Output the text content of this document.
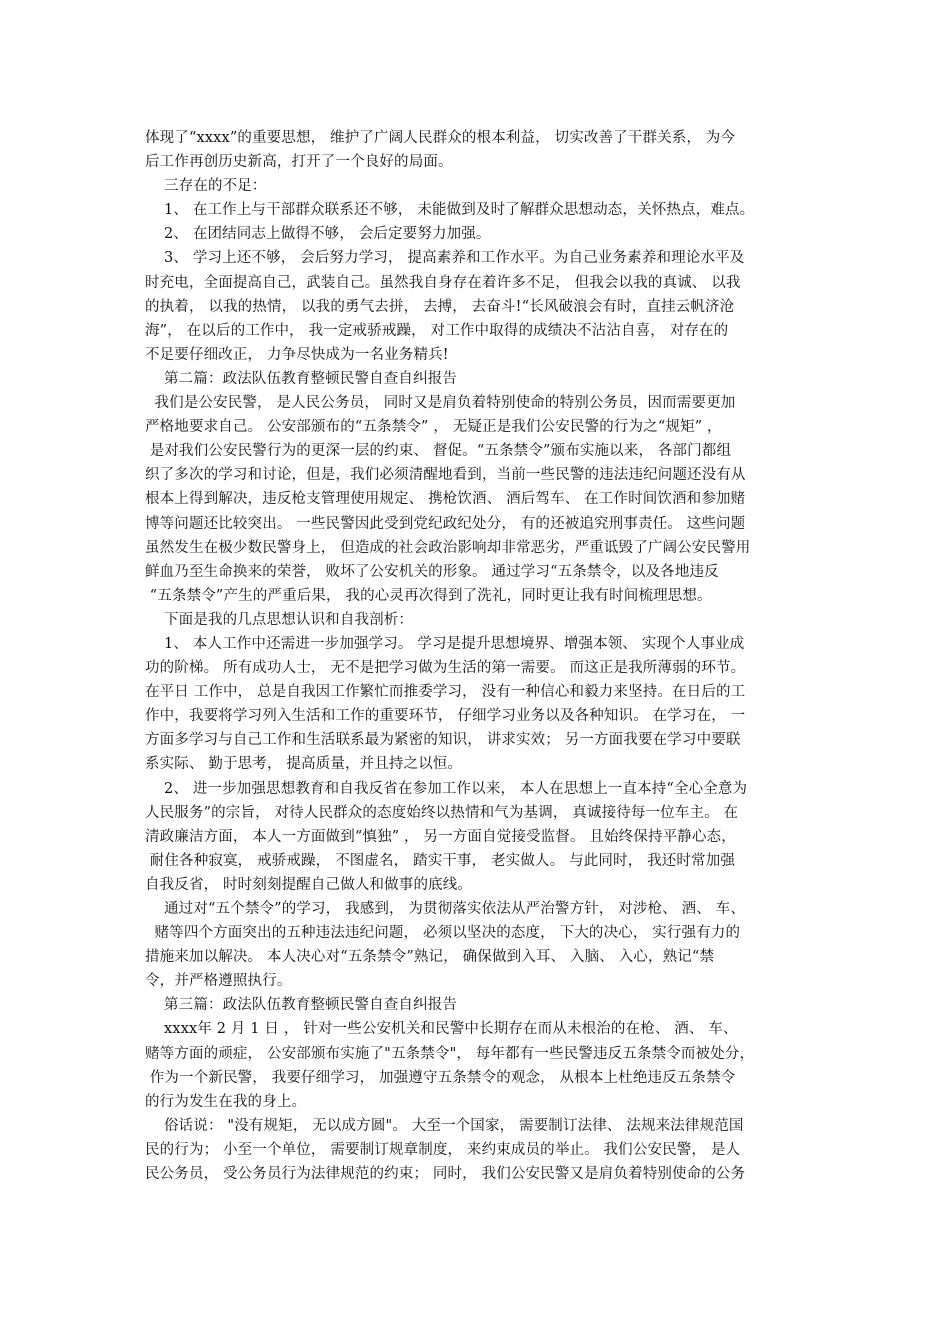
体现了“xxxx”的重要思想， 维护了广阔人民群众的根本利益， 切实改善了干群关系， 为今
后工作再创历史新高，打开了一个良好的局面。
三存在的不足：
1、 在工作上与干部群众联系还不够， 未能做到及时了解群众思想动态，关怀热点，难点。
2、 在团结同志上做得不够， 会后定要努力加强。
3、 学习上还不够， 会后努力学习， 提高素养和工作水平。为自己业务素养和理论水平及
时充电，全面提高自己，武装自己。虽然我自身存在着许多不足， 但我会以我的真诚、 以我
的执着， 以我的热情， 以我的勇气去拼， 去搏， 去奋斗!“长风破浪会有时，直挂云帆济沧
海”， 在以后的工作中， 我一定戒骄戒躁， 对工作中取得的成绩决不沾沾自喜， 对存在的
不足要仔细改正， 力争尽快成为一名业务精兵!
第二篇：政法队伍教育整顿民警自查自纠报告
我们是公安民警， 是人民公务员， 同时又是肩负着特别使命的特别公务员，因而需要更加
严格地要求自己。 公安部颁布的“五条禁令” ， 无疑正是我们公安民警的行为之“规矩” ，
是对我们公安民警行为的更深一层的约束、 督促。“五条禁令”颁布实施以来， 各部门都组
织了多次的学习和讨论，但是，我们必须清醒地看到，当前一些民警的违法违纪问题还没有从
根本上得到解决，违反枪支管理使用规定、 携枪饮酒、 酒后驾车、 在工作时间饮酒和参加赌
博等问题还比较突出。 一些民警因此受到党纪政纪处分， 有的还被追究刑事责任。 这些问题
虽然发生在极少数民警身上， 但造成的社会政治影响却非常恶劣，严重诋毁了广阔公安民警用
鲜血乃至生命换来的荣誉， 败坏了公安机关的形象。 通过学习“五条禁令，以及各地违反
“五条禁令”产生的严重后果， 我的心灵再次得到了洗礼，同时更让我有时间梳理思想。
下面是我的几点思想认识和自我剖析：
1、 本人工作中还需进一步加强学习。 学习是提升思想境界、增强本领、 实现个人事业成
功的阶梯。 所有成功人士， 无不是把学习做为生活的第一需要。 而这正是我所薄弱的环节。
在平日 工作中， 总是自我因工作繁忙而推委学习， 没有一种信心和毅力来坚持。在日后的工
作中，我要将学习列入生活和工作的重要环节， 仔细学习业务以及各种知识。 在学习在， 一
方面多学习与自己工作和生活联系最为紧密的知识， 讲求实效； 另一方面我要在学习中要联
系实际、 勤于思考， 提高质量，并且持之以恒。
2、 进一步加强思想教育和自我反省在参加工作以来， 本人在思想上一直本持“全心全意为
人民服务”的宗旨， 对待人民群众的态度始终以热情和气为基调， 真诚接待每一位车主。 在
清政廉洁方面， 本人一方面做到“慎独” ， 另一方面自觉接受监督。 且始终保持平静心态，
耐住各种寂寞， 戒骄戒躁， 不图虚名， 踏实干事， 老实做人。 与此同时， 我还时常加强
自我反省， 时时刻刻提醒自己做人和做事的底线。
通过对“五个禁令”的学习， 我感到， 为贯彻落实依法从严治警方针， 对涉枪、 酒、 车、
赌等四个方面突出的五种违法违纪问题， 必须以坚决的态度， 下大的决心， 实行强有力的
措施来加以解决。 本人决心对“五条禁令”熟记， 确保做到入耳、 入脑、 入心，熟记“禁
令，并严格遵照执行。
第三篇：政法队伍教育整顿民警自查自纠报告
xxxx年 2 月 1 日 ， 针对一些公安机关和民警中长期存在而从未根治的在枪、 酒、 车、
赌等方面的顽症， 公安部颁布实施了"五条禁令"， 每年都有一些民警违反五条禁令而被处分，
作为一个新民警， 我要仔细学习， 加强遵守五条禁令的观念， 从根本上杜绝违反五条禁令
的行为发生在我的身上。
俗话说： "没有规矩， 无以成方圆"。 大至一个国家， 需要制订法律、 法规来法律规范国
民的行为； 小至一个单位， 需要制订规章制度， 来约束成员的举止。 我们公安民警， 是人
民公务员， 受公务员行为法律规范的约束； 同时， 我们公安民警又是肩负着特别使命的公务
